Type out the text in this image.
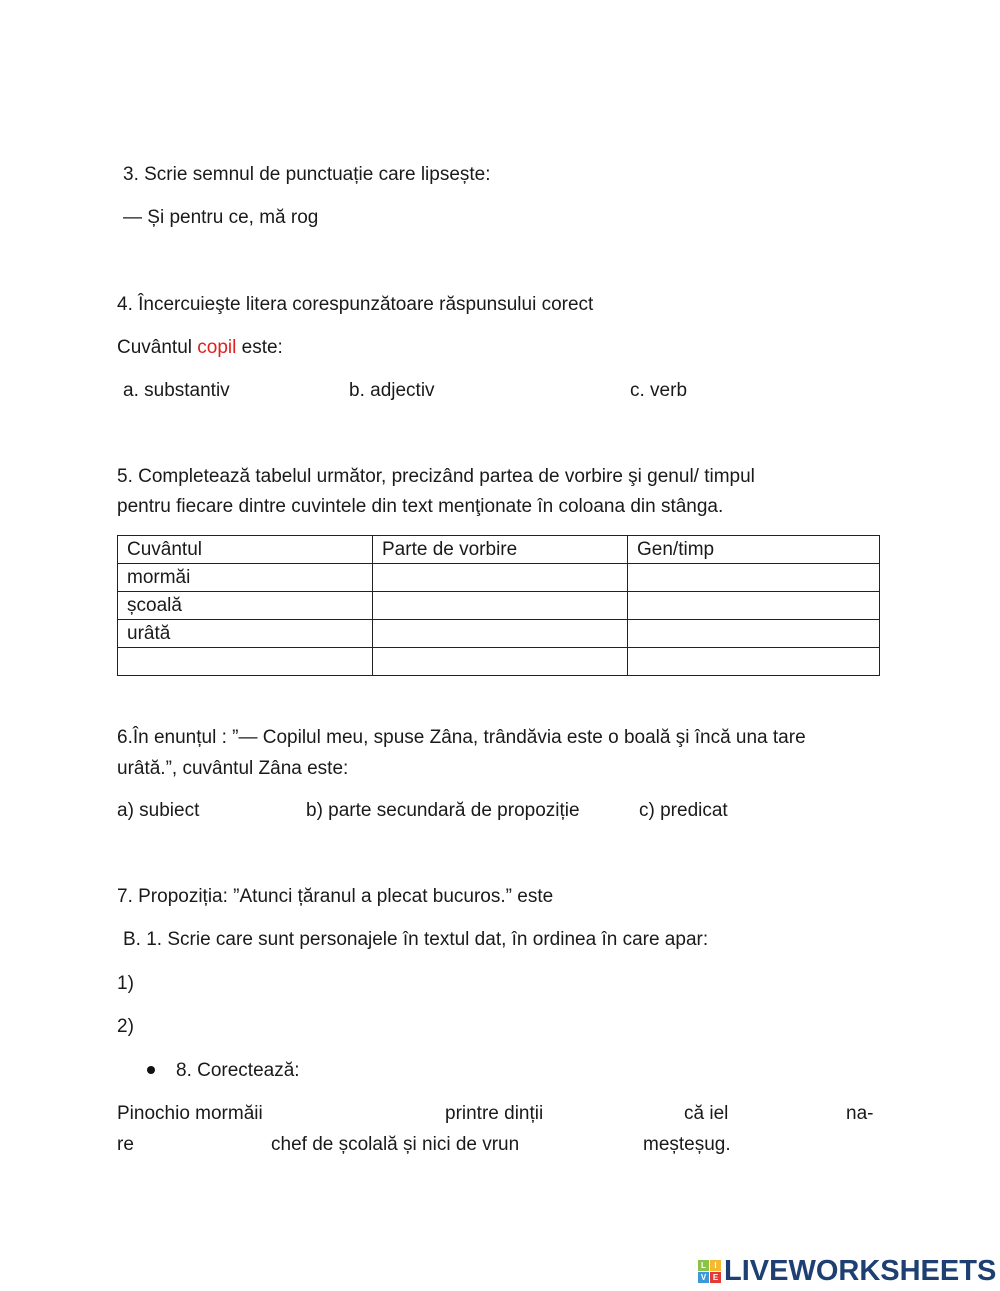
3. Scrie semnul de punctuație care lipsește:
— Și pentru ce, mă rog
4. Încercuieşte litera corespunzătoare răspunsului corect
Cuvântul copil este:
a. substantiv	b. adjectiv	c. verb
5. Completează tabelul următor, precizând partea de vorbire şi genul/ timpul
pentru fiecare dintre cuvintele din text menţionate în coloana din stânga.
Cuvântul	Parte de vorbire	Gen/timp
mormăi		
școală		
urâtă		

6.În enunțul : ”— Copilul meu, spuse Zâna, trândăvia este o boală şi încă una tare
urâtă.”, cuvântul Zâna este:
a) subiect	b) parte secundară de propoziție	c) predicat
7. Propoziția: ”Atunci țăranul a plecat bucuros.” este
B. 1. Scrie care sunt personajele în textul dat, în ordinea în care apar:
1)
2)
8. Corectează:
Pinochio mormăii	printre dinții	că iel	na-
re	chef de școlală și nici de vrun	meșteșug.
L	I
V E LIVEWORKSHEETS
